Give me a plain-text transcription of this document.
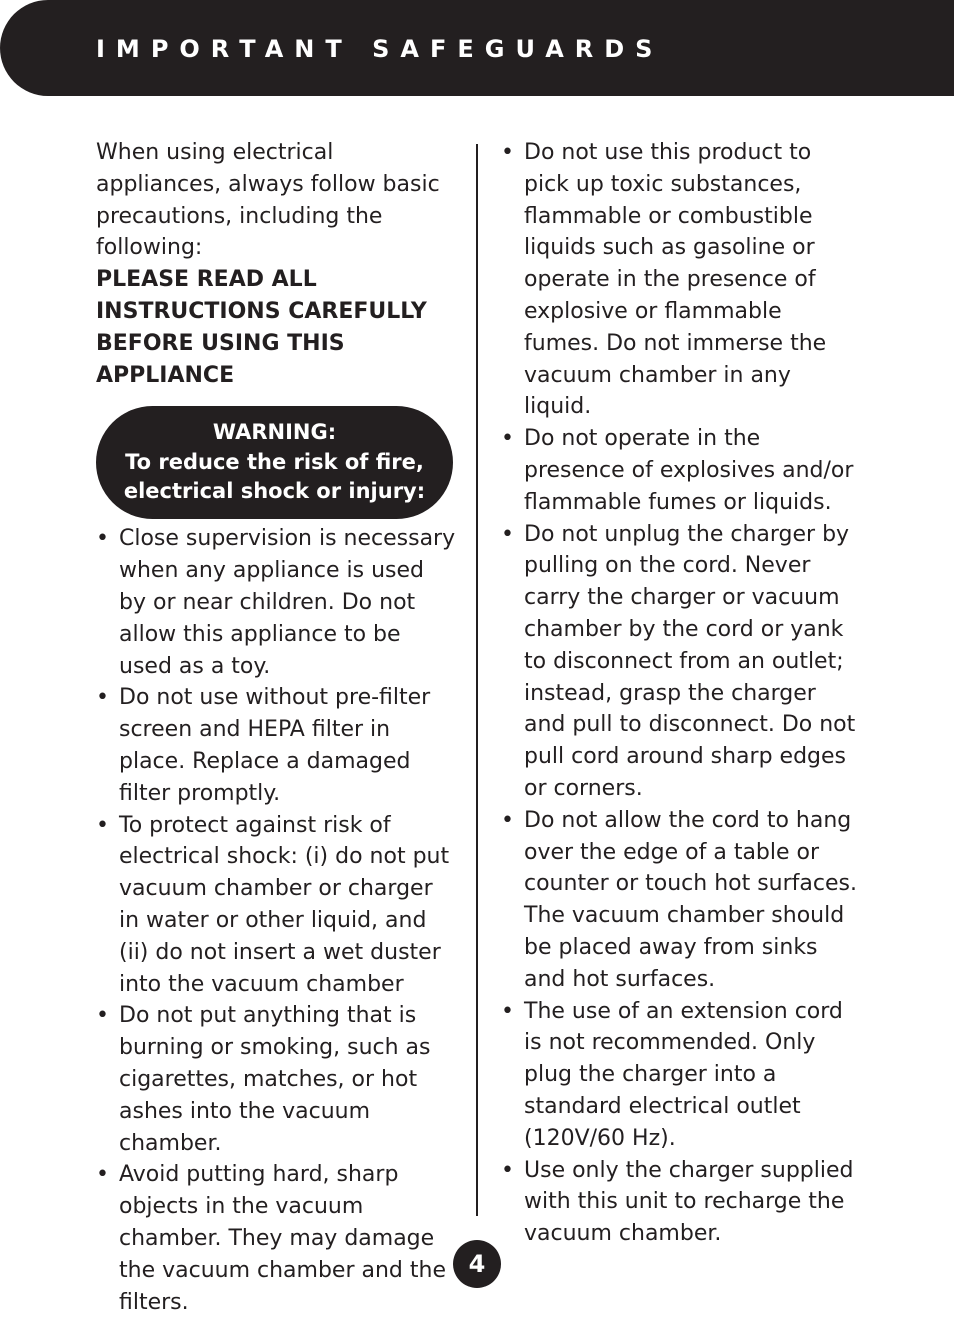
IMPORTANT SAFEGUARDS

When using electrical appliances, always follow basic precautions, including the following:

PLEASE READ ALL INSTRUCTIONS CAREFULLY BEFORE USING THIS APPLIANCE

WARNING:
To reduce the risk of fire,
electrical shock or injury:
• Close supervision is necessary when any appliance is used by or near children. Do not allow this appliance to be used as a toy.
• Do not use without pre-filter screen and HEPA filter in place. Replace a damaged filter promptly.
• To protect against risk of electrical shock: (i) do not put vacuum chamber or charger in water or other liquid, and (ii) do not insert a wet duster into the vacuum chamber
• Do not put anything that is burning or smoking, such as cigarettes, matches, or hot ashes into the vacuum chamber.
• Avoid putting hard, sharp objects in the vacuum chamber. They may damage the vacuum chamber and the filters.
• Do not use this product to pick up toxic substances, flammable or combustible liquids such as gasoline or operate in the presence of explosive or flammable fumes. Do not immerse the vacuum chamber in any liquid.
• Do not operate in the presence of explosives and/or flammable fumes or liquids.
• Do not unplug the charger by pulling on the cord. Never carry the charger or vacuum chamber by the cord or yank to disconnect from an outlet; instead, grasp the charger and pull to disconnect. Do not pull cord around sharp edges or corners.
• Do not allow the cord to hang over the edge of a table or counter or touch hot surfaces. The vacuum chamber should be placed away from sinks and hot surfaces.
• The use of an extension cord is not recommended. Only plug the charger into a standard electrical outlet (120V/60 Hz).
• Use only the charger supplied with this unit to recharge the vacuum chamber.
4
